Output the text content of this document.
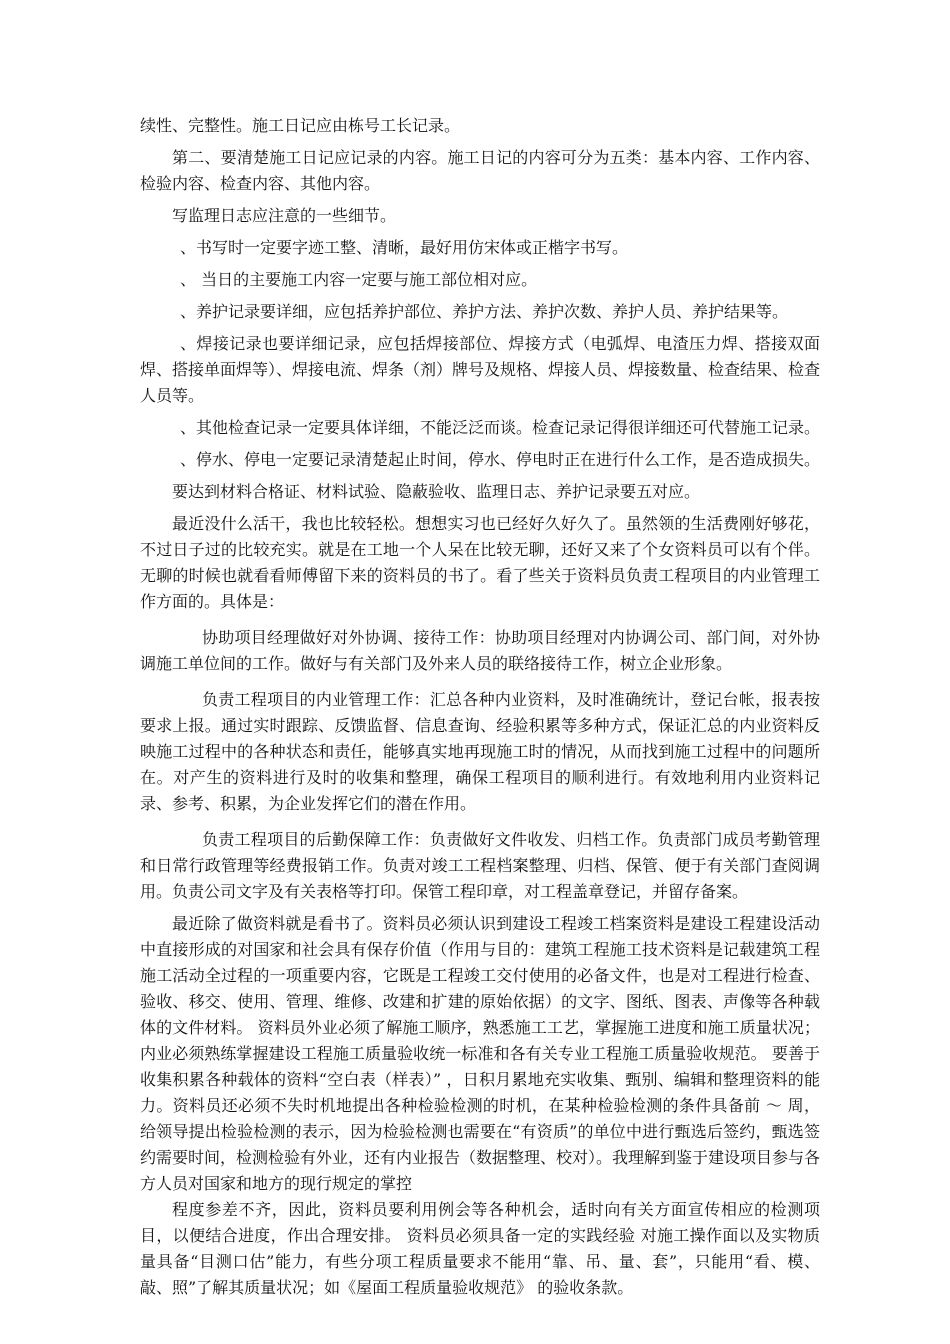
续性、完整性。施工日记应由栋号工长记录。

第二、要清楚施工日记应记录的内容。施工日记的内容可分为五类：基本内容、工作内容、检验内容、检查内容、其他内容。

写监理日志应注意的一些细节。

、书写时一定要字迹工整、清晰，最好用仿宋体或正楷字书写。

、 当日的主要施工内容一定要与施工部位相对应。

、养护记录要详细，应包括养护部位、养护方法、养护次数、养护人员、养护结果等。

、焊接记录也要详细记录，应包括焊接部位、焊接方式（电弧焊、电渣压力焊、搭接双面焊、搭接单面焊等）、焊接电流、焊条（剂）牌号及规格、焊接人员、焊接数量、检查结果、检查人员等。

、其他检查记录一定要具体详细，不能泛泛而谈。检查记录记得很详细还可代替施工记录。

、停水、停电一定要记录清楚起止时间，停水、停电时正在进行什么工作，是否造成损失。

要达到材料合格证、材料试验、隐蔽验收、监理日志、养护记录要五对应。

最近没什么活干，我也比较轻松。想想实习也已经好久好久了。虽然领的生活费刚好够花，不过日子过的比较充实。就是在工地一个人呆在比较无聊，还好又来了个女资料员可以有个伴。无聊的时候也就看看师傅留下来的资料员的书了。看了些关于资料员负责工程项目的内业管理工作方面的。具体是：

协助项目经理做好对外协调、接待工作：协助项目经理对内协调公司、部门间，对外协调施工单位间的工作。做好与有关部门及外来人员的联络接待工作，树立企业形象。

负责工程项目的内业管理工作：汇总各种内业资料，及时准确统计，登记台帐，报表按要求上报。通过实时跟踪、反馈监督、信息查询、经验积累等多种方式，保证汇总的内业资料反映施工过程中的各种状态和责任，能够真实地再现施工时的情况，从而找到施工过程中的问题所在。对产生的资料进行及时的收集和整理，确保工程项目的顺利进行。有效地利用内业资料记录、参考、积累，为企业发挥它们的潜在作用。

负责工程项目的后勤保障工作：负责做好文件收发、归档工作。负责部门成员考勤管理和日常行政管理等经费报销工作。负责对竣工工程档案整理、归档、保管、便于有关部门查阅调用。负责公司文字及有关表格等打印。保管工程印章，对工程盖章登记，并留存备案。

最近除了做资料就是看书了。资料员必须认识到建设工程竣工档案资料是建设工程建设活动中直接形成的对国家和社会具有保存价值（作用与目的：建筑工程施工技术资料是记载建筑工程施工活动全过程的一项重要内容，它既是工程竣工交付使用的必备文件，也是对工程进行检查、验收、移交、使用、管理、维修、改建和扩建的原始依据）的文字、图纸、图表、声像等各种载体的文件材料。 资料员外业必须了解施工顺序，熟悉施工工艺，掌握施工进度和施工质量状况；内业必须熟练掌握建设工程施工质量验收统一标准和各有关专业工程施工质量验收规范。 要善于收集积累各种载体的资料“空白表（样表）” ，日积月累地充实收集、甄别、编辑和整理资料的能力。资料员还必须不失时机地提出各种检验检测的时机，在某种检验检测的条件具备前 ～ 周，给领导提出检验检测的表示，因为检验检测也需要在“有资质”的单位中进行甄选后签约，甄选签约需要时间，检测检验有外业，还有内业报告（数据整理、校对）。我理解到鉴于建设项目参与各方人员对国家和地方的现行规定的掌控

程度参差不齐，因此，资料员要利用例会等各种机会，适时向有关方面宣传相应的检测项目，以便结合进度，作出合理安排。 资料员必须具备一定的实践经验 对施工操作面以及实物质量具备“目测口估”能力，有些分项工程质量要求不能用“靠、吊、量、套”，只能用“看、模、敲、照”了解其质量状况；如《屋面工程质量验收规范》 的验收条款。
